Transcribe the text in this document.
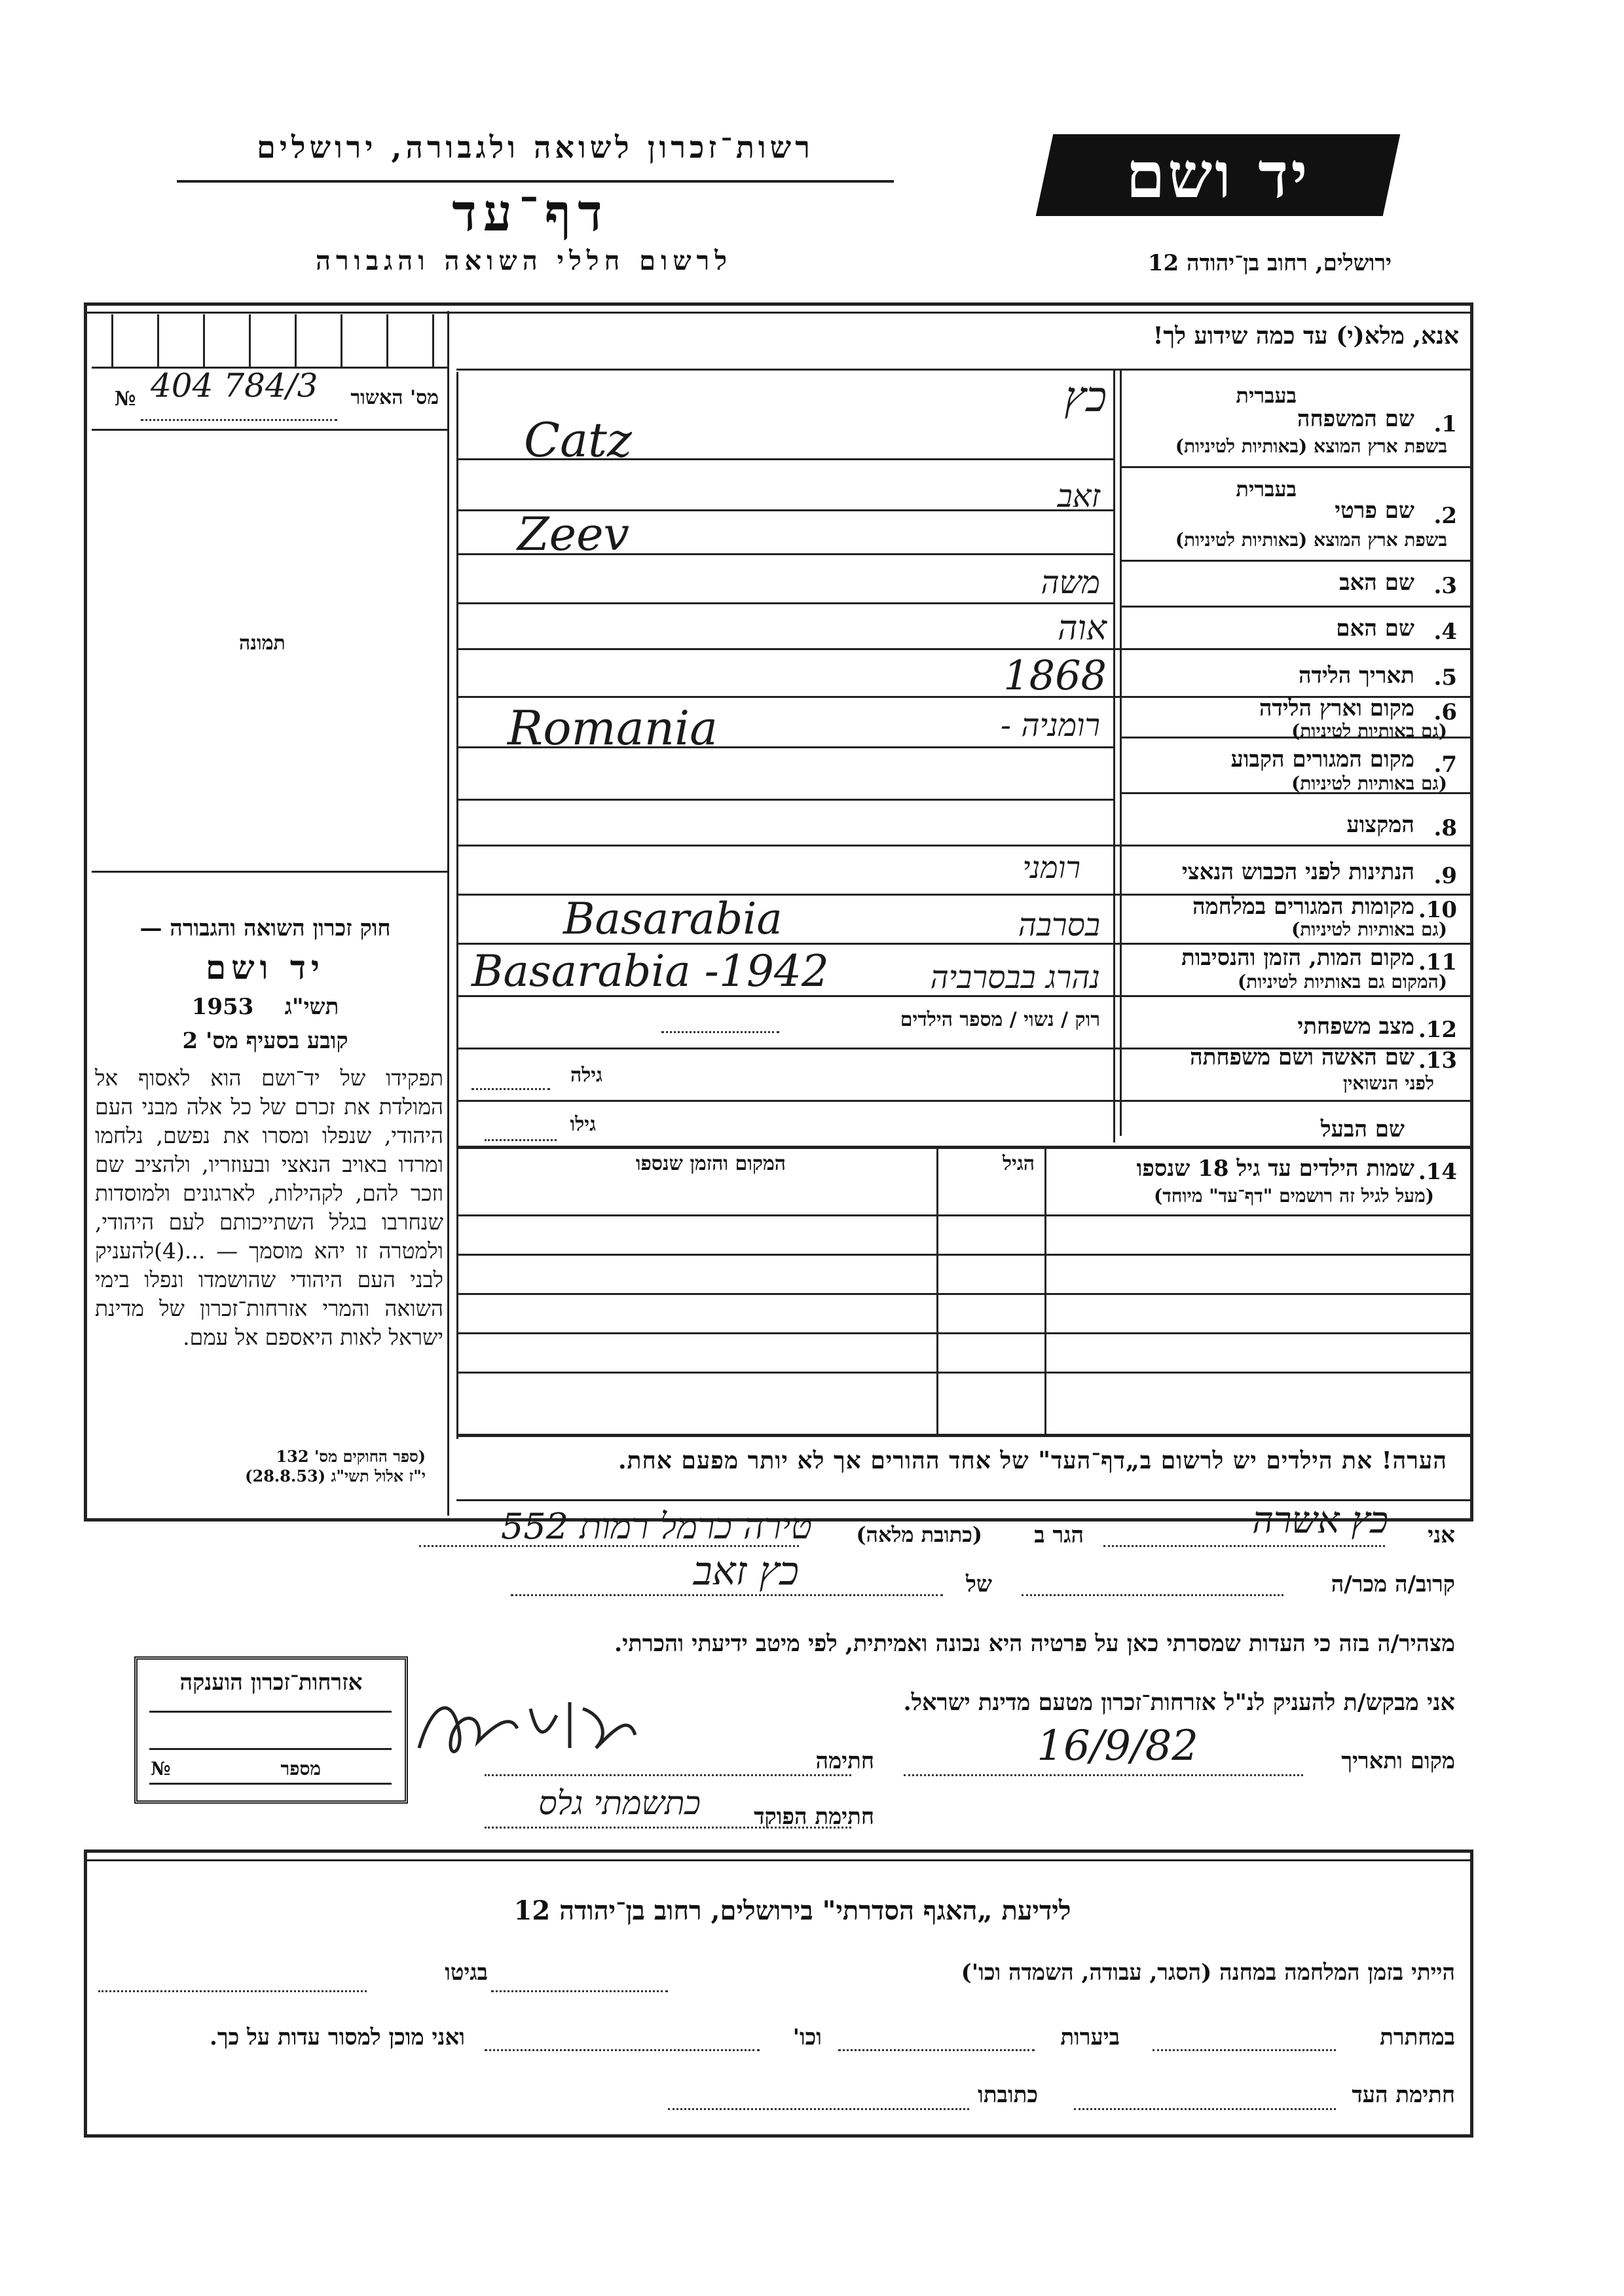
רשות־זכרון לשואה ולגבורה, ירושלים
דף־עד
לרשום חללי השואה והגבורה
יד ושם
ירושלים, רחוב בן־יהודה 12
אנא, מלא(י) עד כמה שידוע לך!
מס' האשור
№ 404 784/3
תמונה
1.
שם המשפחה
בשפת ארץ המוצא (באותיות לטיניות)
בעברית
כץ
Catz
2.
שם פרטי
בשפת ארץ המוצא (באותיות לטיניות)
בעברית
זאב
Zeev
3.
שם האב
משה
4.
שם האם
אוה
5.
תאריך הלידה
1868
6.
מקום וארץ הלידה
(גם באותיות לטיניות)
רומניה -
Romania
7.
מקום המגורים הקבוע
(גם באותיות לטיניות)
8.
המקצוע
9.
הנתינות לפני הכבוש הנאצי
רומני
10.
מקומות המגורים במלחמה
(גם באותיות לטיניות)
בסרבה
Basarabia
11.
מקום המות, הזמן והנסיבות
(המקום גם באותיות לטיניות)
נהרג בבסרביה
Basarabia -1942
12.
מצב משפחתי
רוק / נשוי / מספר הילדים
13.
שם האשה ושם משפחתה
לפני הנשואין
גילה
שם הבעל
גילו
14.
שמות הילדים עד גיל 18 שנספו
(מעל לגיל זה רושמים "דף־עד" מיוחד)
הגיל
המקום והזמן שנספו
הערה! את הילדים יש לרשום ב„דף־העד" של אחד ההורים אך לא יותר מפעם אחת.
חוק זכרון השואה והגבורה —
יד ושם
1953 תשי"ג
קובע בסעיף מס' 2
תפקידו של יד־ושם הוא לאסוף אל המולדת את זכרם של כל אלה מבני העם היהודי, שנפלו ומסרו את נפשם, נלחמו ומרדו באויב הנאצי ובעוזריו, ולהציב שם וזכר להם, לקהילות, לארגונים ולמוסדות שנחרבו בגלל השתייכותם לעם היהודי, ולמטרה זו יהא מוסמך — ...(4)להעניק לבני העם היהודי שהושמדו ונפלו בימי השואה והמרי אזרחות־זכרון של מדינת ישראל לאות היאספם אל עמם.
(ספר החוקים מס' 132
י"ז אלול תשי"ג (28.8.53)
אני
כץ אשרה
הגר ב
(כתובת מלאה)
טירה כרמל רמות 552
קרוב/ה מכר/ה
של
כץ זאב
מצהיר/ה בזה כי העדות שמסרתי כאן על פרטיה היא נכונה ואמיתית, לפי מיטב ידיעתי והכרתי.
אני מבקש/ת להעניק לנ"ל אזרחות־זכרון מטעם מדינת ישראל.
מקום ותאריך
16/9/82
חתימה
חתימת הפוקד
כתשמתי גלס
אזרחות־זכרון הוענקה
מספר
№
לידיעת „האגף הסדרתי" בירושלים, רחוב בן־יהודה 12
הייתי בזמן המלחמה במחנה (הסגר, עבודה, השמדה וכו')
בגיטו
במחתרת
ביערות
וכו'
ואני מוכן למסור עדות על כך.
חתימת העד
כתובתו
